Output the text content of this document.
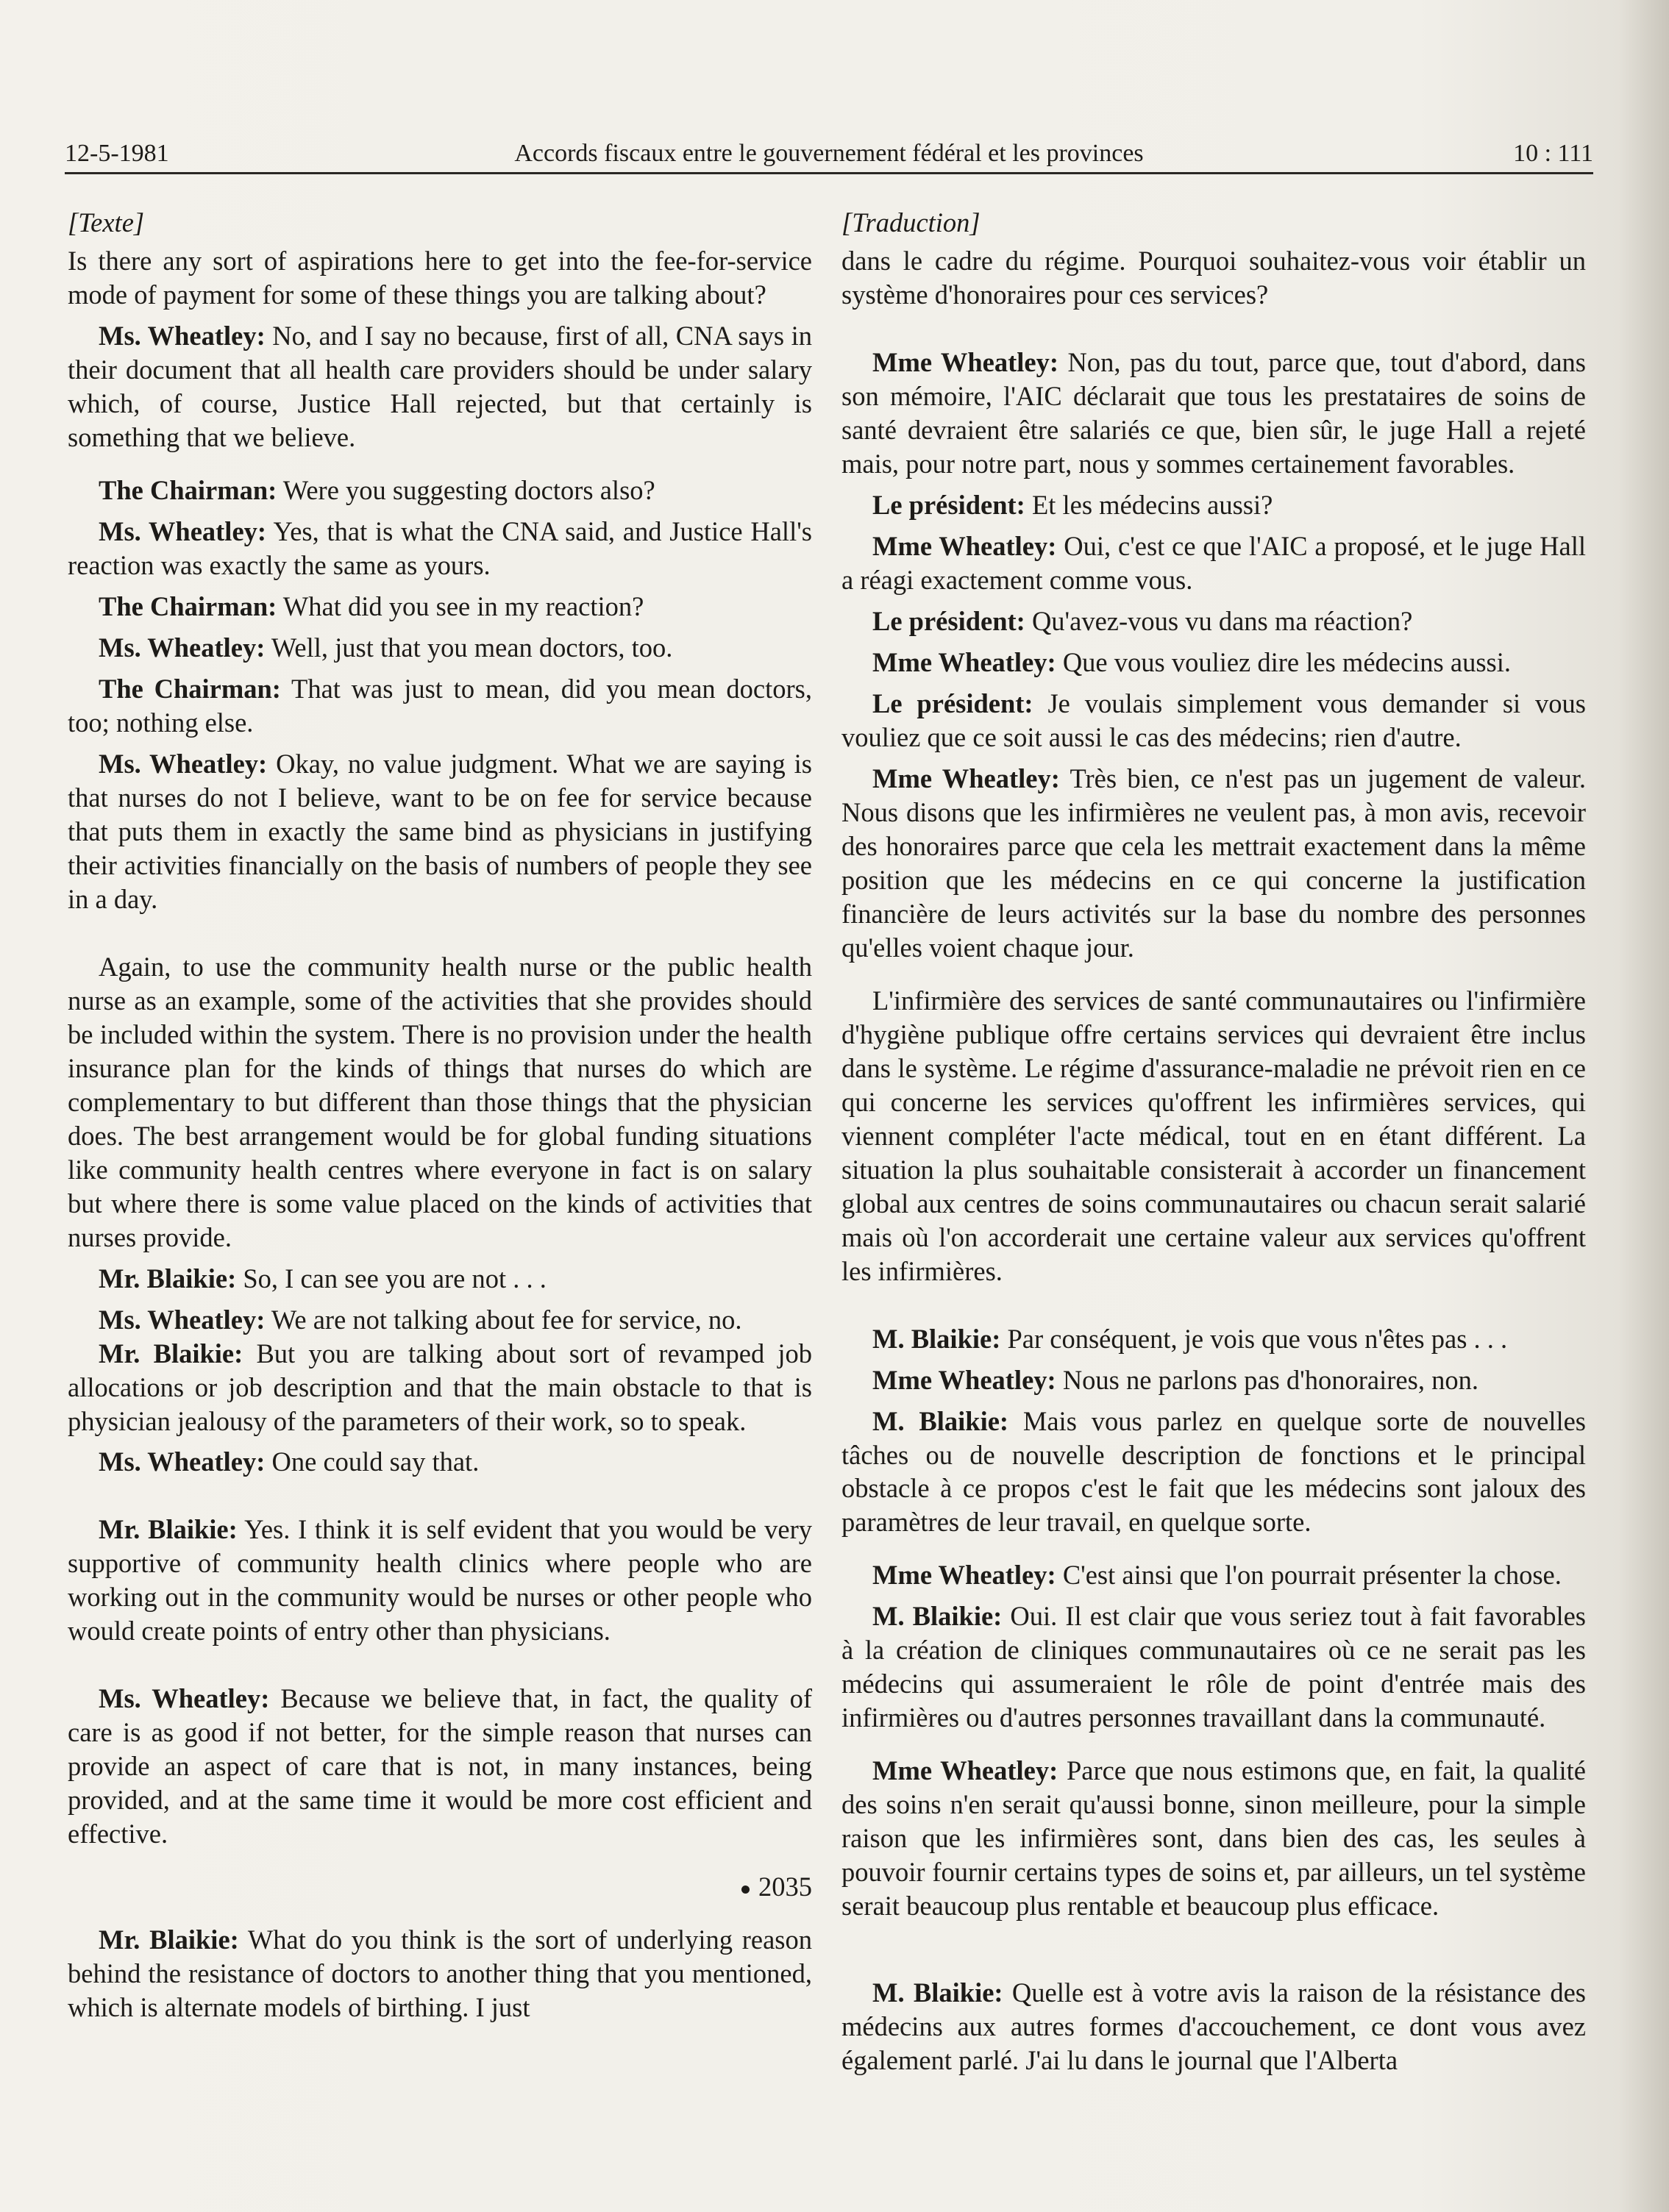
12-5-1981	Accords fiscaux entre le gouvernement fédéral et les provinces	10 : 111

[Texte]

Is there any sort of aspirations here to get into the fee-for-service mode of payment for some of these things you are talking about?

Ms. Wheatley: No, and I say no because, first of all, CNA says in their document that all health care providers should be under salary which, of course, Justice Hall rejected, but that certainly is something that we believe.

The Chairman: Were you suggesting doctors also?

Ms. Wheatley: Yes, that is what the CNA said, and Justice Hall's reaction was exactly the same as yours.

The Chairman: What did you see in my reaction?

Ms. Wheatley: Well, just that you mean doctors, too.

The Chairman: That was just to mean, did you mean doctors, too; nothing else.

Ms. Wheatley: Okay, no value judgment. What we are saying is that nurses do not I believe, want to be on fee for service because that puts them in exactly the same bind as physicians in justifying their activities financially on the basis of numbers of people they see in a day.

Again, to use the community health nurse or the public health nurse as an example, some of the activities that she provides should be included within the system. There is no provision under the health insurance plan for the kinds of things that nurses do which are complementary to but different than those things that the physician does. The best arrangement would be for global funding situations like community health centres where everyone in fact is on salary but where there is some value placed on the kinds of activities that nurses provide.

Mr. Blaikie: So, I can see you are not . . .

Ms. Wheatley: We are not talking about fee for service, no.

Mr. Blaikie: But you are talking about sort of revamped job allocations or job description and that the main obstacle to that is physician jealousy of the parameters of their work, so to speak.

Ms. Wheatley: One could say that.

Mr. Blaikie: Yes. I think it is self evident that you would be very supportive of community health clinics where people who are working out in the community would be nurses or other people who would create points of entry other than physicians.

Ms. Wheatley: Because we believe that, in fact, the quality of care is as good if not better, for the simple reason that nurses can provide an aspect of care that is not, in many instances, being provided, and at the same time it would be more cost efficient and effective.

2035

Mr. Blaikie: What do you think is the sort of underlying reason behind the resistance of doctors to another thing that you mentioned, which is alternate models of birthing. I just

[Traduction]

dans le cadre du régime. Pourquoi souhaitez-vous voir établir un système d'honoraires pour ces services?

Mme Wheatley: Non, pas du tout, parce que, tout d'abord, dans son mémoire, l'AIC déclarait que tous les prestataires de soins de santé devraient être salariés ce que, bien sûr, le juge Hall a rejeté mais, pour notre part, nous y sommes certainement favorables.

Le président: Et les médecins aussi?

Mme Wheatley: Oui, c'est ce que l'AIC a proposé, et le juge Hall a réagi exactement comme vous.

Le président: Qu'avez-vous vu dans ma réaction?

Mme Wheatley: Que vous vouliez dire les médecins aussi.

Le président: Je voulais simplement vous demander si vous vouliez que ce soit aussi le cas des médecins; rien d'autre.

Mme Wheatley: Très bien, ce n'est pas un jugement de valeur. Nous disons que les infirmières ne veulent pas, à mon avis, recevoir des honoraires parce que cela les mettrait exactement dans la même position que les médecins en ce qui concerne la justification financière de leurs activités sur la base du nombre des personnes qu'elles voient chaque jour.

L'infirmière des services de santé communautaires ou l'infirmière d'hygiène publique offre certains services qui devraient être inclus dans le système. Le régime d'assurance-maladie ne prévoit rien en ce qui concerne les services qu'offrent les infirmières services, qui viennent compléter l'acte médical, tout en en étant différent. La situation la plus souhaitable consisterait à accorder un financement global aux centres de soins communautaires ou chacun serait salarié mais où l'on accorderait une certaine valeur aux services qu'offrent les infirmières.

M. Blaikie: Par conséquent, je vois que vous n'êtes pas . . .

Mme Wheatley: Nous ne parlons pas d'honoraires, non.

M. Blaikie: Mais vous parlez en quelque sorte de nouvelles tâches ou de nouvelle description de fonctions et le principal obstacle à ce propos c'est le fait que les médecins sont jaloux des paramètres de leur travail, en quelque sorte.

Mme Wheatley: C'est ainsi que l'on pourrait présenter la chose.

M. Blaikie: Oui. Il est clair que vous seriez tout à fait favorables à la création de cliniques communautaires où ce ne serait pas les médecins qui assumeraient le rôle de point d'entrée mais des infirmières ou d'autres personnes travaillant dans la communauté.

Mme Wheatley: Parce que nous estimons que, en fait, la qualité des soins n'en serait qu'aussi bonne, sinon meilleure, pour la simple raison que les infirmières sont, dans bien des cas, les seules à pouvoir fournir certains types de soins et, par ailleurs, un tel système serait beaucoup plus rentable et beaucoup plus efficace.

M. Blaikie: Quelle est à votre avis la raison de la résistance des médecins aux autres formes d'accouchement, ce dont vous avez également parlé. J'ai lu dans le journal que l'Alberta
